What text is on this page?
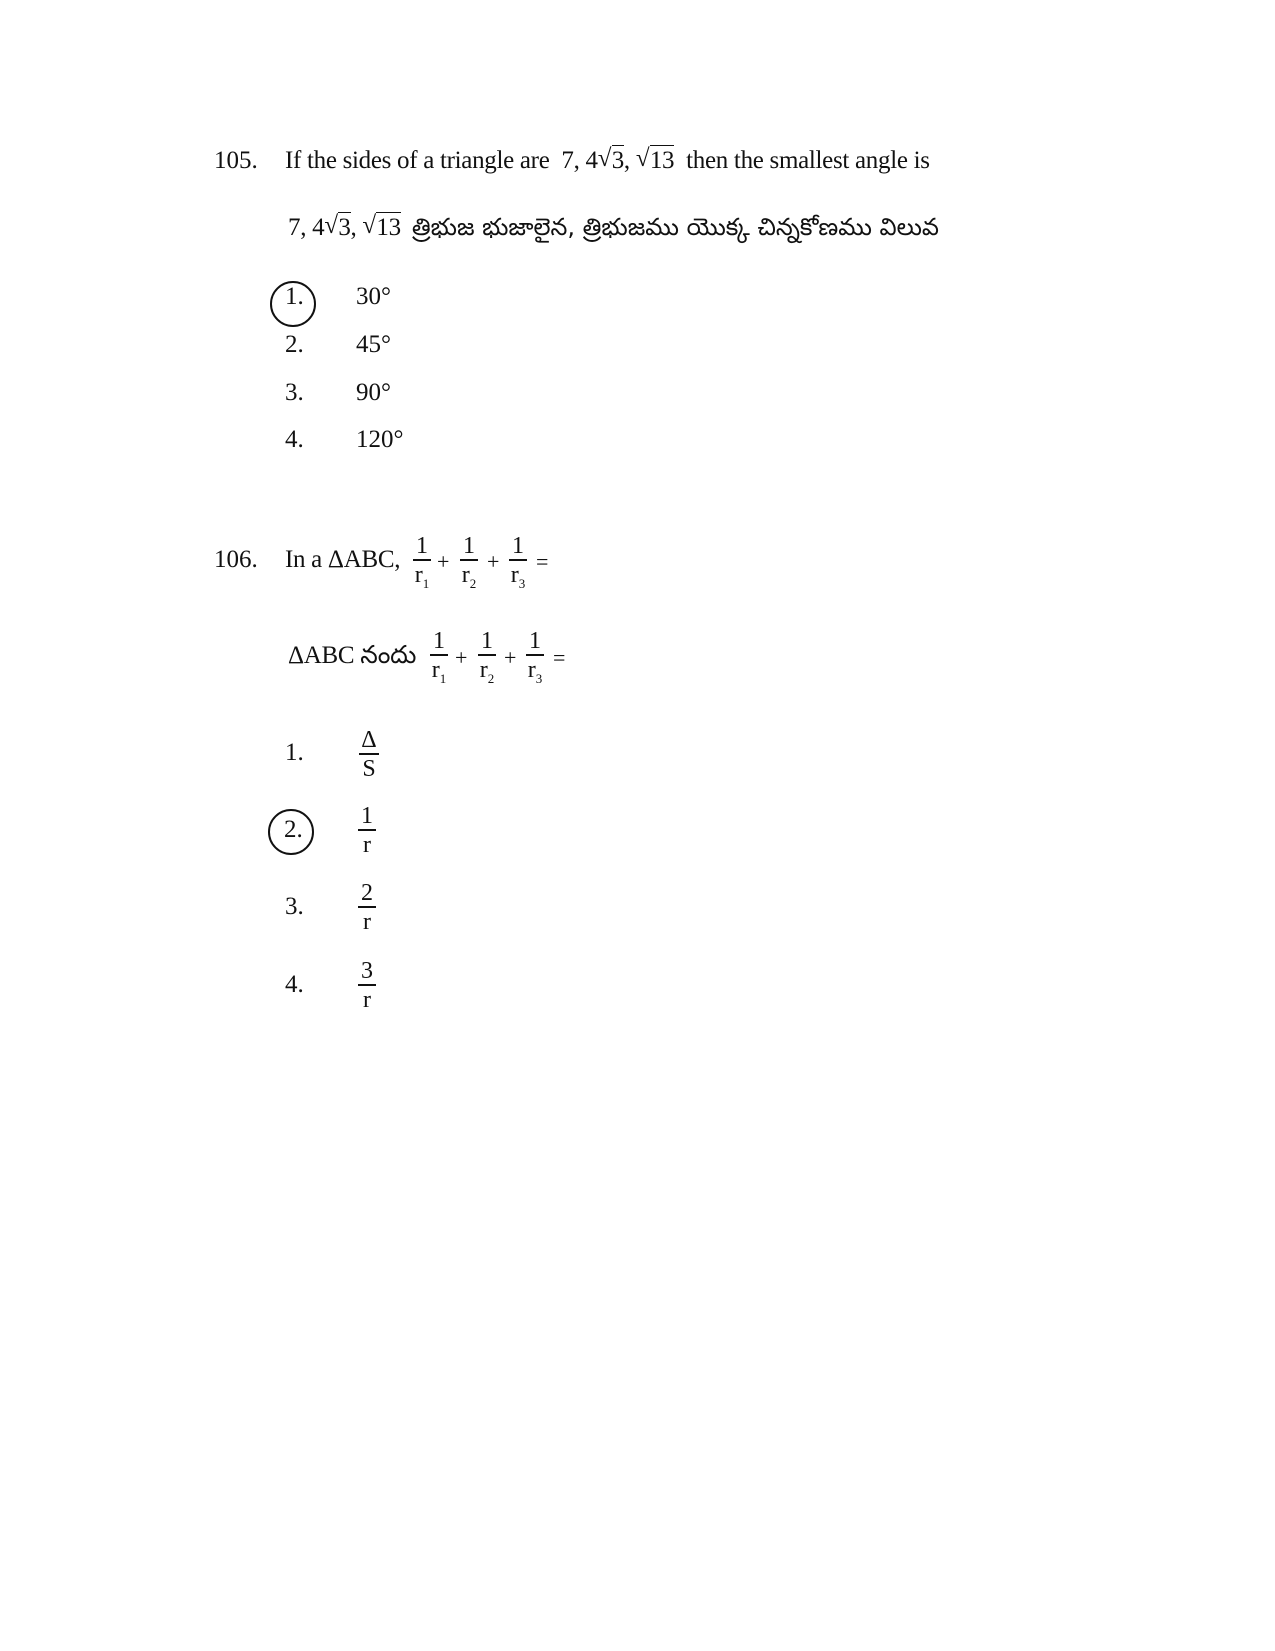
105. If the sides of a triangle are  7, 4 √ 3, √ 13 then the smallest angle is
7, 4 √ 3, √ 13 త్రిభుజ భుజాలైన, త్రిభుజము యొక్క చిన్నకోణము విలువ
1. 30°
2. 45°
3. 90°
4. 120°
106. In a ΔABC, 1
$r_1$
+
1
$r_2$
+
1
$r_3$
=
ΔABC నందు
1
$r_1$
+
1
$r_2$
+
1
$r_3$
=
1. Δ
S
2. 1
r
3. 2
r
4. 3
r
